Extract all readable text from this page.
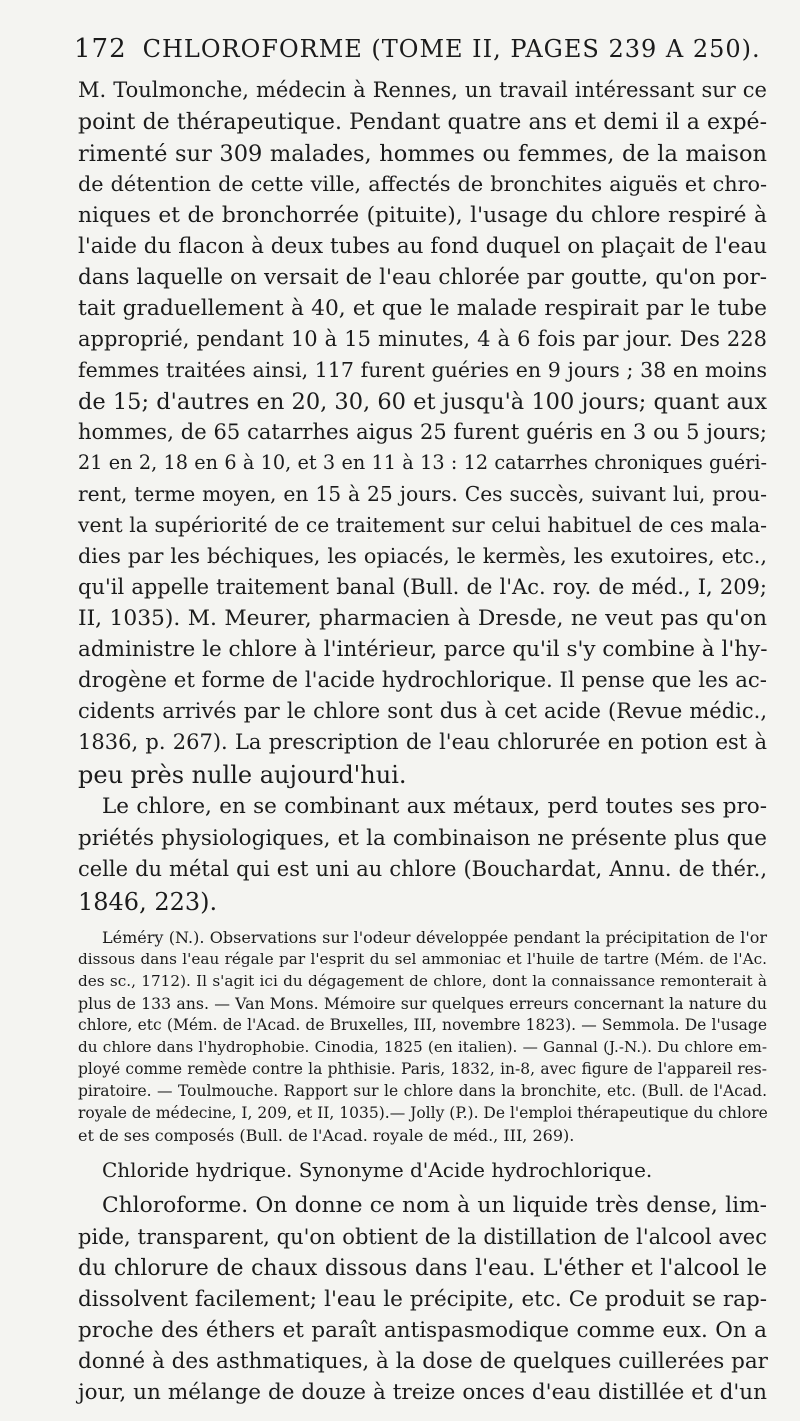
172 CHLOROFORME (TOME II, PAGES 239 A 250).
M. Toulmonche, médecin à Rennes, un travail intéressant sur ce
point de thérapeutique. Pendant quatre ans et demi il a expé-
rimenté sur 309 malades, hommes ou femmes, de la maison
de détention de cette ville, affectés de bronchites aiguës et chro-
niques et de bronchorrée (pituite), l'usage du chlore respiré à
l'aide du flacon à deux tubes au fond duquel on plaçait de l'eau
dans laquelle on versait de l'eau chlorée par goutte, qu'on por-
tait graduellement à 40, et que le malade respirait par le tube
approprié, pendant 10 à 15 minutes, 4 à 6 fois par jour. Des 228
femmes traitées ainsi, 117 furent guéries en 9 jours ; 38 en moins
de 15; d'autres en 20, 30, 60 et jusqu'à 100 jours; quant aux
hommes, de 65 catarrhes aigus 25 furent guéris en 3 ou 5 jours;
21 en 2, 18 en 6 à 10, et 3 en 11 à 13 : 12 catarrhes chroniques guéri-
rent, terme moyen, en 15 à 25 jours. Ces succès, suivant lui, prou-
vent la supériorité de ce traitement sur celui habituel de ces mala-
dies par les béchiques, les opiacés, le kermès, les exutoires, etc.,
qu'il appelle traitement banal (Bull. de l'Ac. roy. de méd., I, 209;
II, 1035). M. Meurer, pharmacien à Dresde, ne veut pas qu'on
administre le chlore à l'intérieur, parce qu'il s'y combine à l'hy-
drogène et forme de l'acide hydrochlorique. Il pense que les ac-
cidents arrivés par le chlore sont dus à cet acide (Revue médic.,
1836, p. 267). La prescription de l'eau chlorurée en potion est à
peu près nulle aujourd'hui.
Le chlore, en se combinant aux métaux, perd toutes ses pro-
priétés physiologiques, et la combinaison ne présente plus que
celle du métal qui est uni au chlore (Bouchardat, Annu. de thér.,
1846, 223).
Léméry (N.). Observations sur l'odeur développée pendant la précipitation de l'or
dissous dans l'eau régale par l'esprit du sel ammoniac et l'huile de tartre (Mém. de l'Ac.
des sc., 1712). Il s'agit ici du dégagement de chlore, dont la connaissance remonterait à
plus de 133 ans. — Van Mons. Mémoire sur quelques erreurs concernant la nature du
chlore, etc (Mém. de l'Acad. de Bruxelles, III, novembre 1823). — Semmola. De l'usage
du chlore dans l'hydrophobie. Cinodia, 1825 (en italien). — Gannal (J.-N.). Du chlore em-
ployé comme remède contre la phthisie. Paris, 1832, in-8, avec figure de l'appareil res-
piratoire. — Toulmouche. Rapport sur le chlore dans la bronchite, etc. (Bull. de l'Acad.
royale de médecine, I, 209, et II, 1035).— Jolly (P.). De l'emploi thérapeutique du chlore
et de ses composés (Bull. de l'Acad. royale de méd., III, 269).
Chloride hydrique. Synonyme d'Acide hydrochlorique.
Chloroforme. On donne ce nom à un liquide très dense, lim-
pide, transparent, qu'on obtient de la distillation de l'alcool avec
du chlorure de chaux dissous dans l'eau. L'éther et l'alcool le
dissolvent facilement; l'eau le précipite, etc. Ce produit se rap-
proche des éthers et paraît antispasmodique comme eux. On a
donné à des asthmatiques, à la dose de quelques cuillerées par
jour, un mélange de douze à treize onces d'eau distillée et d'un
